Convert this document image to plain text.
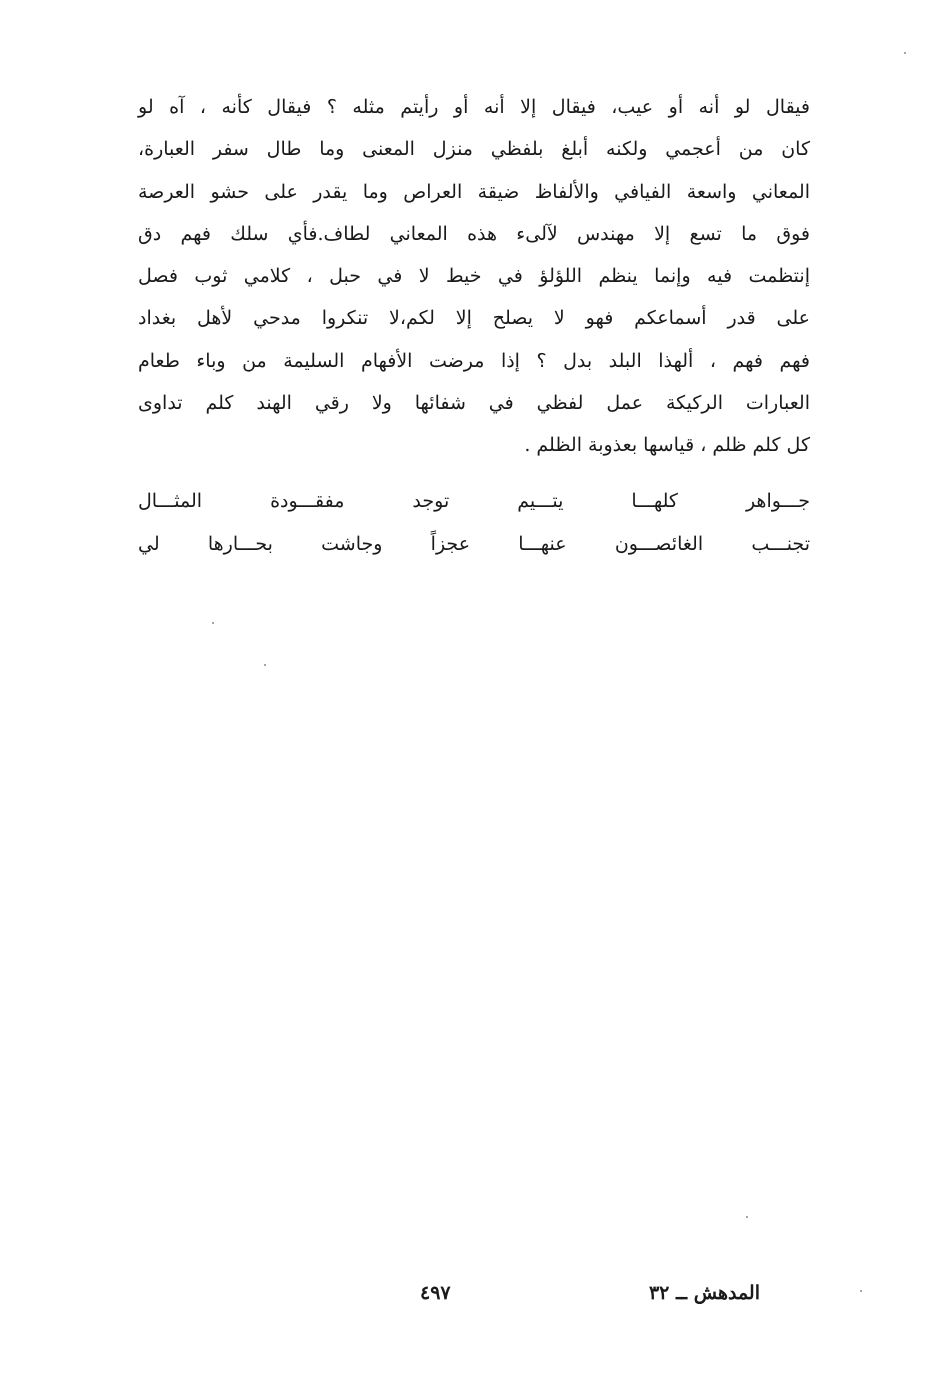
فيقال لو أنه أو عيب، فيقال إلا أنه أو رأيتم مثله ؟ فيقال كأنه ، آه لو
كان من أعجمي ولكنه أبلغ بلفظي منزل المعنى وما طال سفر العبارة،
المعاني واسعة الفيافي والألفاظ ضيقة العراص وما يقدر على حشو العرصة
فوق ما تسع إلا مهندس لآلىء هذه المعاني لطاف.فأي سلك فهم دق
إنتظمت فيه وإنما ينظم اللؤلؤ في خيط لا في حبل ، كلامي ثوب فصل
على قدر أسماعكم فهو لا يصلح إلا لكم،لا تنكروا مدحي لأهل بغداد
فهم فهم ، ألهذا البلد بدل ؟ إذا مرضت الأفهام السليمة من وباء طعام
العبارات الركيكة عمل لفظي في شفائها ولا رقي الهند كلم تداوى
كل كلم ظلم ، قياسها بعذوبة الظلم .
جـــواهر كلهـــا يتـــيم توجد مفقـــودة المثـــال
تجنـــب الغائصـــون عنهـــا عجزاً وجاشت بحـــارها لي
المدهش ــ ٣٢
٤٩٧
